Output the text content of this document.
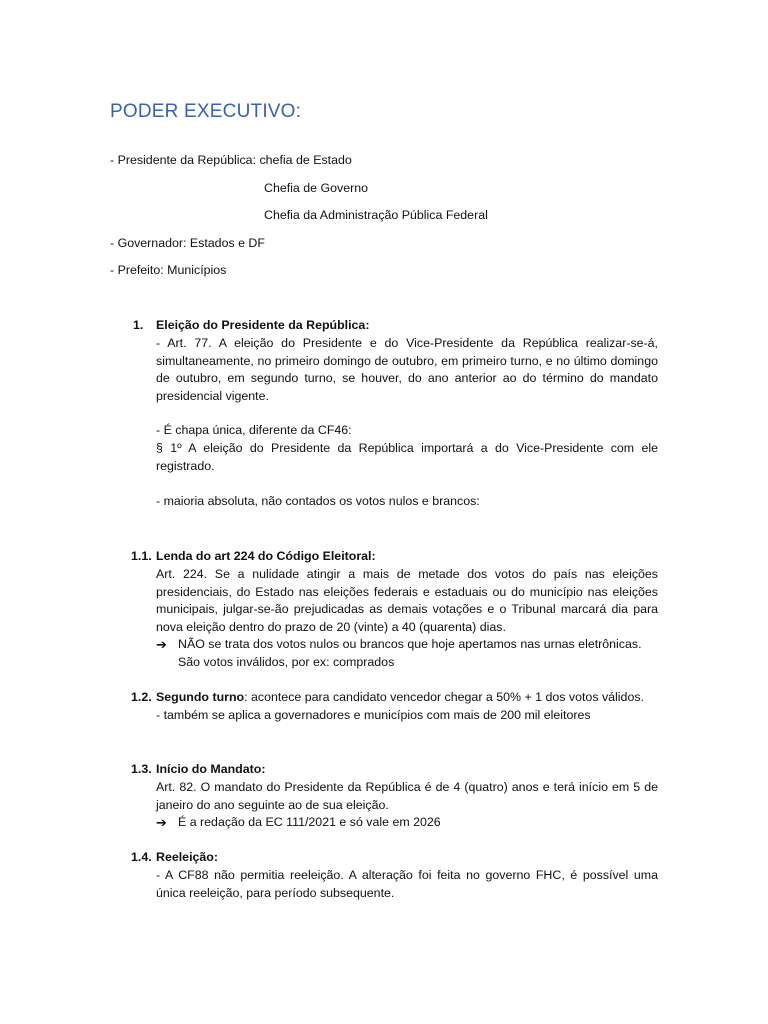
PODER EXECUTIVO:
- Presidente da República: chefia de Estado
Chefia de Governo
Chefia da Administração Pública Federal
- Governador: Estados e DF
- Prefeito: Municípios
1. Eleição do Presidente da República:

- Art. 77. A eleição do Presidente e do Vice-Presidente da República realizar-se-á, simultaneamente, no primeiro domingo de outubro, em primeiro turno, e no último domingo de outubro, em segundo turno, se houver, do ano anterior ao do término do mandato presidencial vigente.

- É chapa única, diferente da CF46:

§ 1º A eleição do Presidente da República importará a do Vice-Presidente com ele registrado.

- maioria absoluta, não contados os votos nulos e brancos:

1.1. Lenda do art 224 do Código Eleitoral:

Art. 224. Se a nulidade atingir a mais de metade dos votos do país nas eleições presidenciais, do Estado nas eleições federais e estaduais ou do município nas eleições municipais, julgar-se-ão prejudicadas as demais votações e o Tribunal marcará dia para nova eleição dentro do prazo de 20 (vinte) a 40 (quarenta) dias.

➔ NÃO se trata dos votos nulos ou brancos que hoje apertamos nas urnas eletrônicas. São votos inválidos, por ex: comprados
1.2. Segundo turno: acontece para candidato vencedor chegar a 50% + 1 dos votos válidos.
- também se aplica a governadores e municípios com mais de 200 mil eleitores
1.3. Início do Mandato:

Art. 82. O mandato do Presidente da República é de 4 (quatro) anos e terá início em 5 de janeiro do ano seguinte ao de sua eleição.

➔ É a redação da EC 111/2021 e só vale em 2026
1.4. Reeleição:

- A CF88 não permitia reeleição. A alteração foi feita no governo FHC, é possível uma única reeleição, para período subsequente.
